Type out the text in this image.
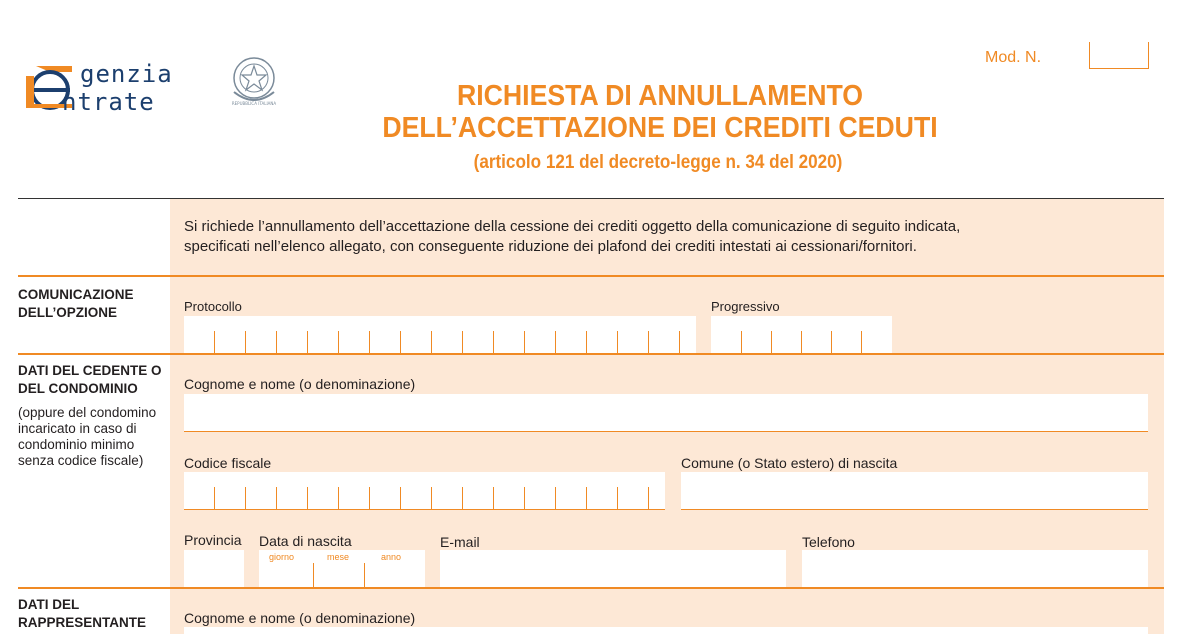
genzia
ntrate	REPUBBLICA ITALIANA
Mod. N.
RICHIESTA DI ANNULLAMENTO
DELL’ACCETTAZIONE DEI CREDITI CEDUTI
(articolo 121 del decreto-legge n. 34 del 2020)
Si richiede l’annullamento dell’accettazione della cessione dei crediti oggetto della comunicazione di seguito indicata,
specificati nell’elenco allegato, con conseguente riduzione dei plafond dei crediti intestati ai cessionari/fornitori.
COMUNICAZIONE
DELL’OPZIONE	Protocollo	Progressivo
DATI DEL CEDENTE O
DEL CONDOMINIO
(oppure del condomino
incaricato in caso di
condominio minimo
senza codice fiscale)
Cognome e nome (o denominazione)
Codice fiscale	Comune (o Stato estero) di nascita
Provincia Data di nascita
giorno	mese	anno
E-mail	Telefono
DATI DEL
RAPPRESENTANTE	Cognome e nome (o denominazione)
